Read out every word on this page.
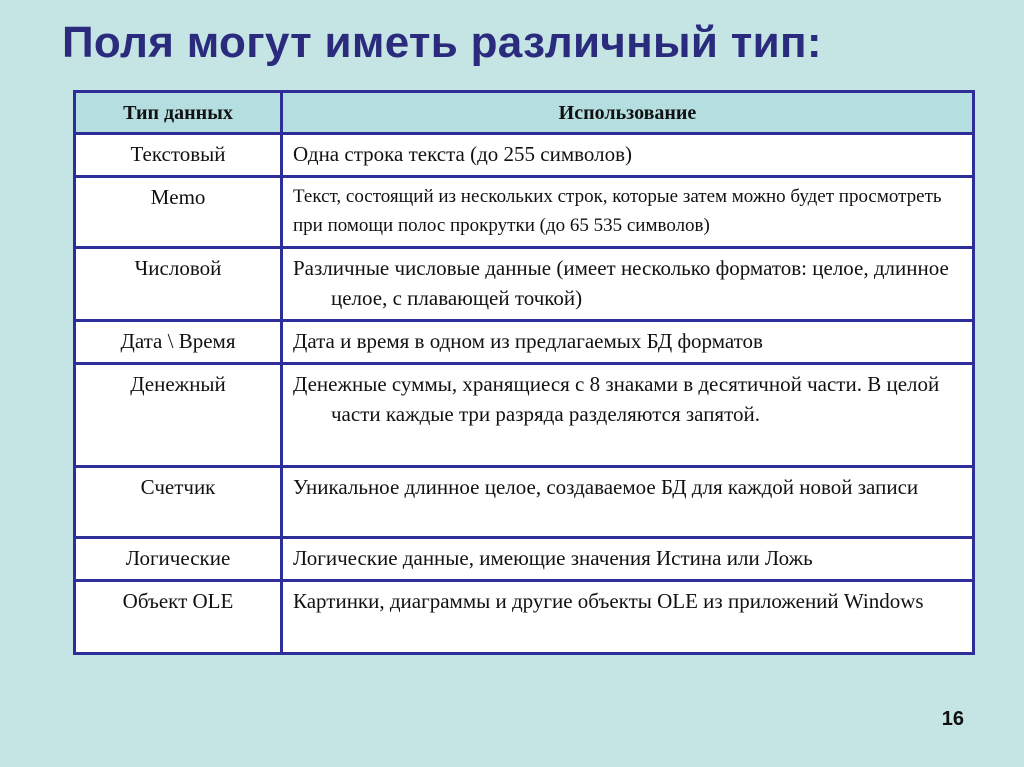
Поля могут иметь различный тип:
Тип данных	Использование
Текстовый	Одна строка текста (до 255 символов)
Memo	Текст, состоящий из нескольких строк, которые затем можно будет просмотреть при помощи полос прокрутки (до 65 535 символов)
Числовой	Различные числовые данные (имеет несколько форматов: целое, длинное целое, с плавающей точкой)
Дата \ Время	Дата и время в одном из предлагаемых БД форматов
Денежный	Денежные суммы, хранящиеся с 8 знаками в десятичной части. В целой части каждые три разряда разделяются запятой.
Счетчик	Уникальное длинное целое, создаваемое БД для каждой новой записи
Логические	Логические данные, имеющие значения Истина или Ложь
Объект OLE	Картинки, диаграммы и другие объекты OLE из приложений Windows
16
